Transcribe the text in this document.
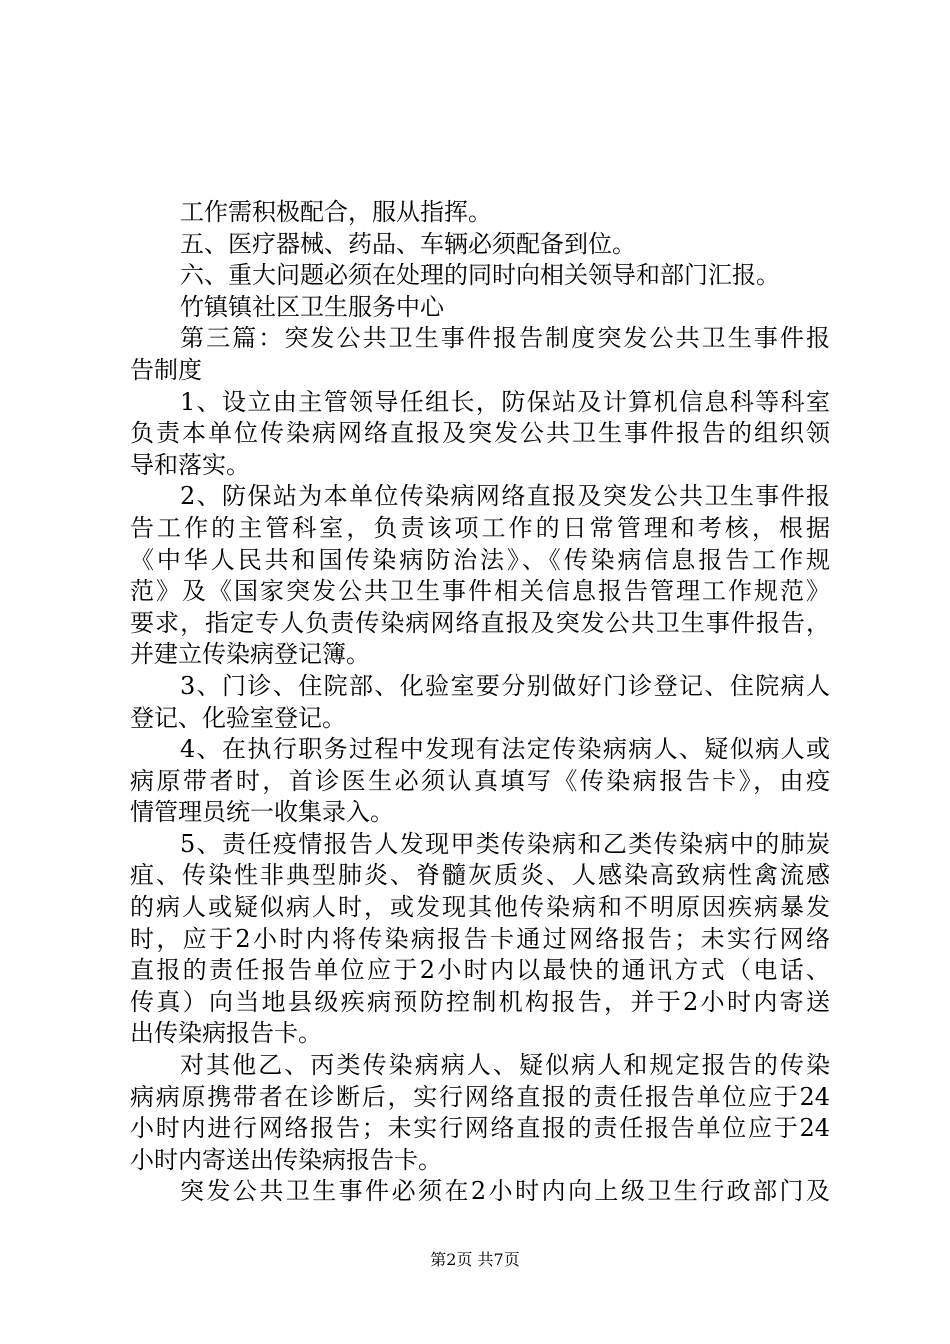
工作需积极配合，服从指挥。
五、医疗器械、药品、车辆必须配备到位。
六、重大问题必须在处理的同时向相关领导和部门汇报。
竹镇镇社区卫生服务中心
第三篇：突发公共卫生事件报告制度突发公共卫生事件报
告制度
1、设立由主管领导任组长，防保站及计算机信息科等科室
负责本单位传染病网络直报及突发公共卫生事件报告的组织领
导和落实。
2、防保站为本单位传染病网络直报及突发公共卫生事件报
告工作的主管科室，负责该项工作的日常管理和考核，根据
《中华人民共和国传染病防治法》、《传染病信息报告工作规
范》及《国家突发公共卫生事件相关信息报告管理工作规范》
要求，指定专人负责传染病网络直报及突发公共卫生事件报告，
并建立传染病登记簿。
3、门诊、住院部、化验室要分别做好门诊登记、住院病人
登记、化验室登记。
4、在执行职务过程中发现有法定传染病病人、疑似病人或
病原带者时，首诊医生必须认真填写《传染病报告卡》，由疫
情管理员统一收集录入。
5、责任疫情报告人发现甲类传染病和乙类传染病中的肺炭
疽、传染性非典型肺炎、脊髓灰质炎、人感染高致病性禽流感
的病人或疑似病人时，或发现其他传染病和不明原因疾病暴发
时，应于2小时内将传染病报告卡通过网络报告；未实行网络
直报的责任报告单位应于2小时内以最快的通讯方式（电话、
传真）向当地县级疾病预防控制机构报告，并于2小时内寄送
出传染病报告卡。
对其他乙、丙类传染病病人、疑似病人和规定报告的传染
病病原携带者在诊断后，实行网络直报的责任报告单位应于24
小时内进行网络报告；未实行网络直报的责任报告单位应于24
小时内寄送出传染病报告卡。
突发公共卫生事件必须在2小时内向上级卫生行政部门及
第2页 共7页
